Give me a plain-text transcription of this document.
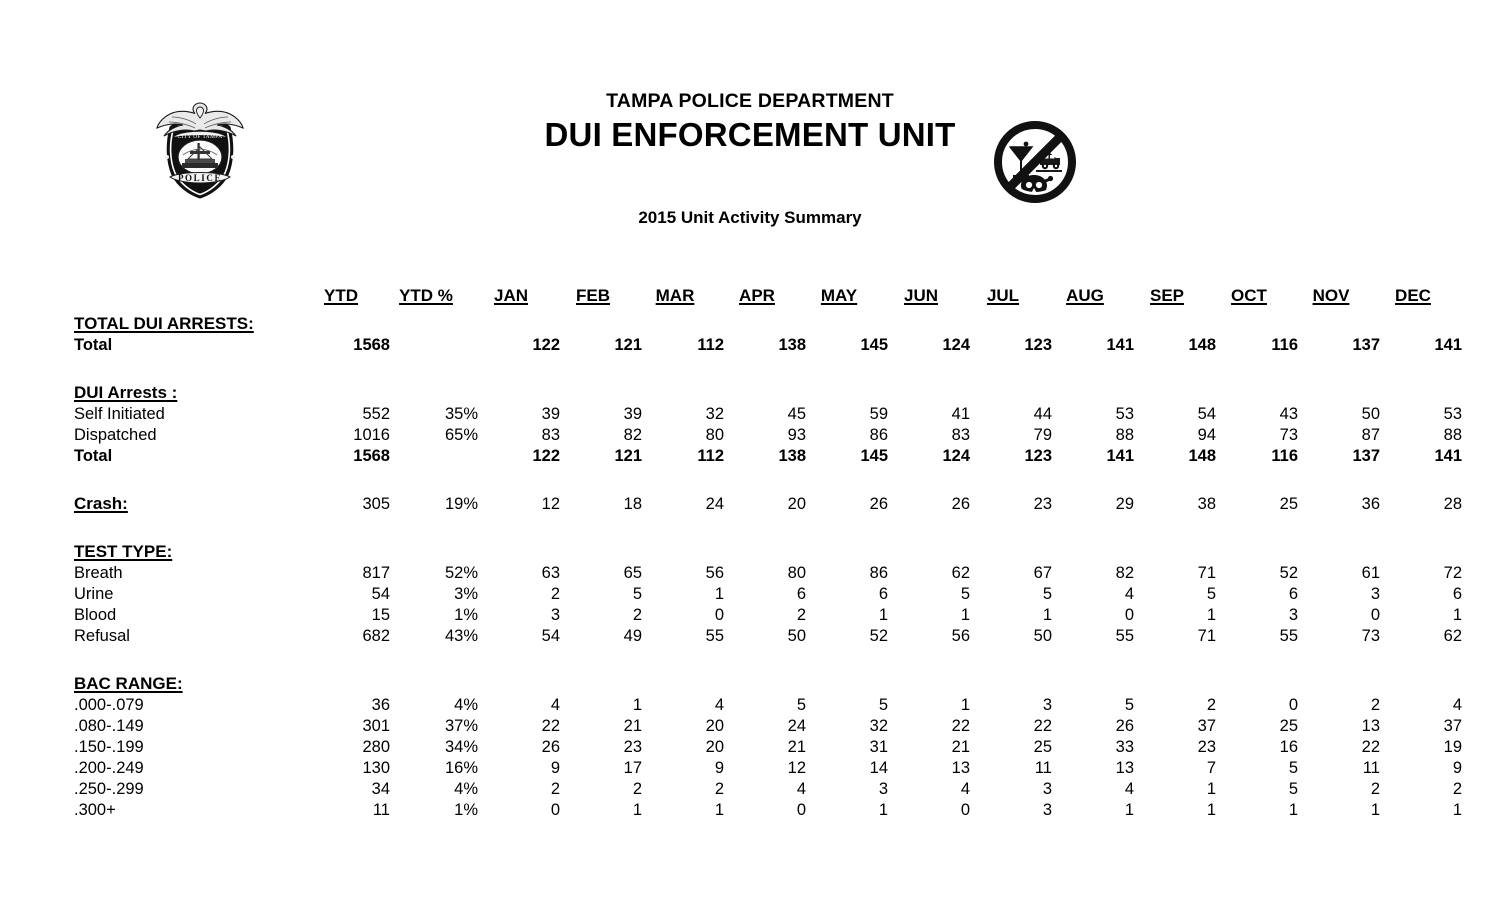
CITY OF TAMPA
POLICE
TAMPA POLICE DEPARTMENT
DUI ENFORCEMENT UNIT
2015 Unit Activity Summary
	YTD	YTD %	JAN	FEB	MAR	APR	MAY	JUN	JUL	AUG	SEP	OCT	NOV	DEC
TOTAL DUI ARRESTS:														
Total	1568		122	121	112	138	145	124	123	141	148	116	137	141

DUI Arrests :														
Self Initiated	552	35%	39	39	32	45	59	41	44	53	54	43	50	53
Dispatched	1016	65%	83	82	80	93	86	83	79	88	94	73	87	88
Total	1568		122	121	112	138	145	124	123	141	148	116	137	141

Crash:	305	19%	12	18	24	20	26	26	23	29	38	25	36	28

TEST TYPE:														
Breath	817	52%	63	65	56	80	86	62	67	82	71	52	61	72
Urine	54	3%	2	5	1	6	6	5	5	4	5	6	3	6
Blood	15	1%	3	2	0	2	1	1	1	0	1	3	0	1
Refusal	682	43%	54	49	55	50	52	56	50	55	71	55	73	62

BAC RANGE:														
.000-.079	36	4%	4	1	4	5	5	1	3	5	2	0	2	4
.080-.149	301	37%	22	21	20	24	32	22	22	26	37	25	13	37
.150-.199	280	34%	26	23	20	21	31	21	25	33	23	16	22	19
.200-.249	130	16%	9	17	9	12	14	13	11	13	7	5	11	9
.250-.299	34	4%	2	2	2	4	3	4	3	4	1	5	2	2
.300+	11	1%	0	1	1	0	1	0	3	1	1	1	1	1
